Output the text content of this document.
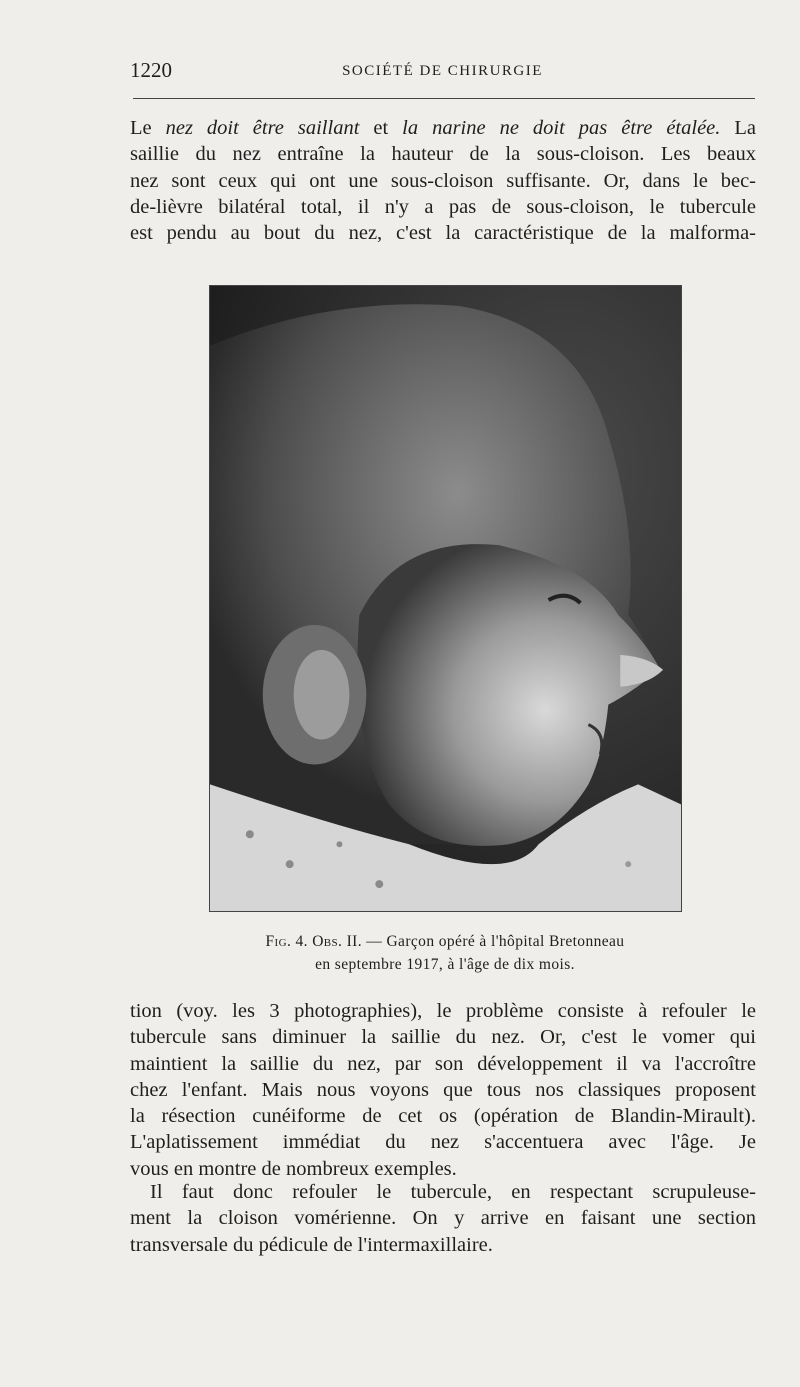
1220	SOCIÉTÉ DE CHIRURGIE

Le nez doit être saillant et la narine ne doit pas être étalée. La
saillie du nez entraîne la hauteur de la sous-cloison. Les beaux
nez sont ceux qui ont une sous-cloison suffisante. Or, dans le bec-
de-lièvre bilatéral total, il n'y a pas de sous-cloison, le tubercule
est pendu au bout du nez, c'est la caractéristique de la malforma-

Fig. 4. Obs. II. — Garçon opéré à l'hôpital Bretonneau
en septembre 1917, à l'âge de dix mois.

tion (voy. les 3 photographies), le problème consiste à refouler le
tubercule sans diminuer la saillie du nez. Or, c'est le vomer qui
maintient la saillie du nez, par son développement il va l'accroître
chez l'enfant. Mais nous voyons que tous nos classiques proposent
la résection cunéiforme de cet os (opération de Blandin-Mirault).
L'aplatissement immédiat du nez s'accentuera avec l'âge. Je
vous en montre de nombreux exemples.

Il faut donc refouler le tubercule, en respectant scrupuleuse-
ment la cloison vomérienne. On y arrive en faisant une section
transversale du pédicule de l'intermaxillaire.
